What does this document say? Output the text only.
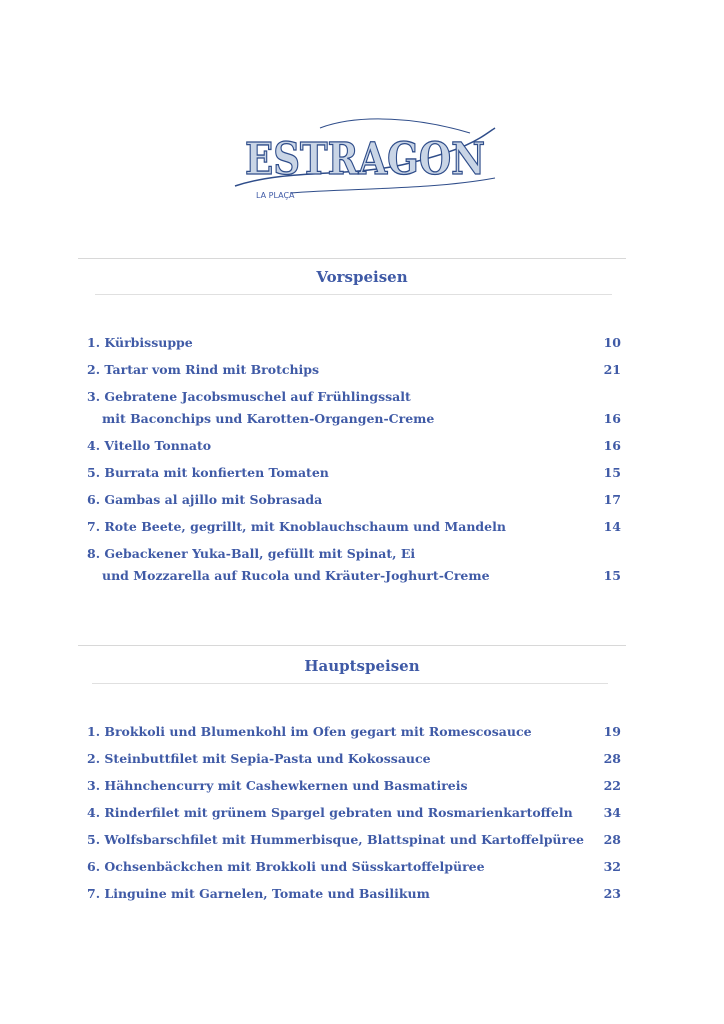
ESTRAGON
LA PLAÇA
Vorspeisen
1. Kürbissuppe	10
2. Tartar vom Rind mit Brotchips	21
3. Gebratene Jacobsmuschel auf Frühlingssalt
mit Baconchips und Karotten-Organgen-Creme	16
4. Vitello Tonnato	16
5. Burrata mit konfierten Tomaten	15
6. Gambas al ajillo mit Sobrasada	17
7. Rote Beete, gegrillt, mit Knoblauchschaum und Mandeln	14
8. Gebackener Yuka-Ball, gefüllt mit Spinat, Ei
und Mozzarella auf Rucola und Kräuter-Joghurt-Creme	15
Hauptspeisen
1. Brokkoli und Blumenkohl im Ofen gegart mit Romescosauce	19
2. Steinbuttfilet mit Sepia-Pasta und Kokossauce	28
3. Hähnchencurry mit Cashewkernen und Basmatireis	22
4. Rinderfilet mit grünem Spargel gebraten und Rosmarienkartoffeln 34
5. Wolfsbarschfilet mit Hummerbisque, Blattspinat und Kartoffelpüree 28
6. Ochsenbäckchen mit Brokkoli und Süsskartoffelpüree	32
7. Linguine mit Garnelen, Tomate und Basilikum	23
